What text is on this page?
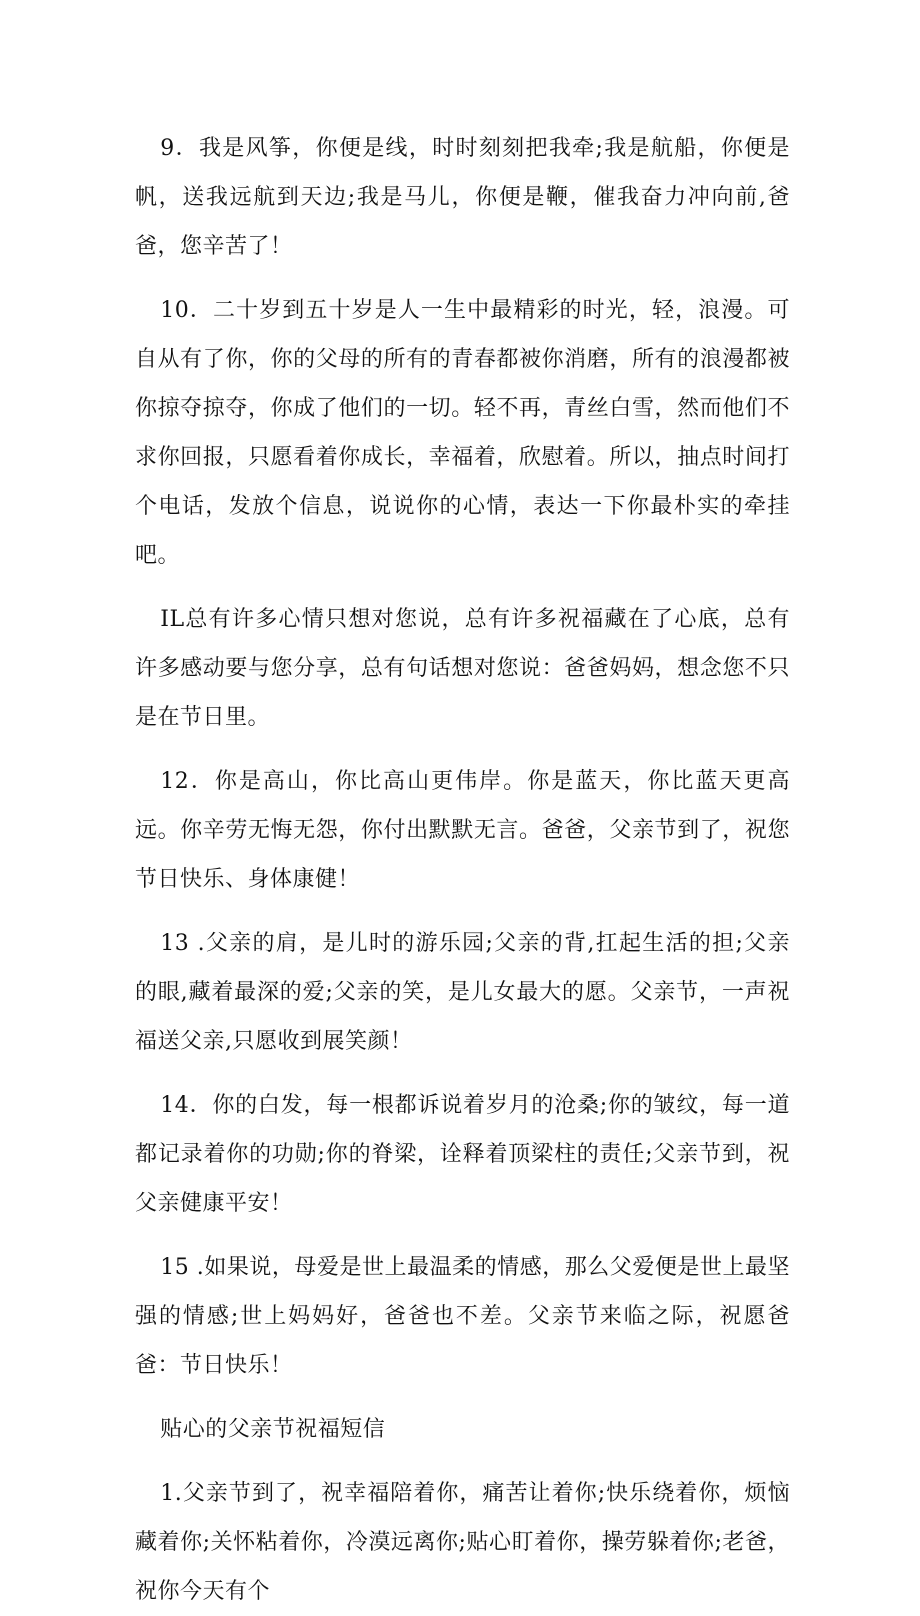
9．我是风筝，你便是线，时时刻刻把我牵;我是航船，你便是帆，送我远航到天边;我是马儿，你便是鞭，催我奋力冲向前,爸爸，您辛苦了！

10．二十岁到五十岁是人一生中最精彩的时光，轻，浪漫。可自从有了你，你的父母的所有的青春都被你消磨，所有的浪漫都被你掠夺掠夺，你成了他们的一切。轻不再，青丝白雪，然而他们不求你回报，只愿看着你成长，幸福着，欣慰着。所以，抽点时间打个电话，发放个信息，说说你的心情，表达一下你最朴实的牵挂吧。

IL总有许多心情只想对您说，总有许多祝福藏在了心底，总有许多感动要与您分享，总有句话想对您说：爸爸妈妈，想念您不只是在节日里。

12．你是高山，你比高山更伟岸。你是蓝天，你比蓝天更高远。你辛劳无悔无怨，你付出默默无言。爸爸，父亲节到了，祝您节日快乐、身体康健！

13 .父亲的肩，是儿时的游乐园;父亲的背,扛起生活的担;父亲的眼,藏着最深的爱;父亲的笑，是儿女最大的愿。父亲节，一声祝福送父亲,只愿收到展笑颜！

14．你的白发，每一根都诉说着岁月的沧桑;你的皱纹，每一道都记录着你的功勋;你的脊梁，诠释着顶梁柱的责任;父亲节到，祝父亲健康平安！

15 .如果说，母爱是世上最温柔的情感，那么父爱便是世上最坚强的情感;世上妈妈好，爸爸也不差。父亲节来临之际，祝愿爸爸：节日快乐！

贴心的父亲节祝福短信

1.父亲节到了，祝幸福陪着你，痛苦让着你;快乐绕着你，烦恼藏着你;关怀粘着你，冷漠远离你;贴心盯着你，操劳躲着你;老爸，祝你今天有个
